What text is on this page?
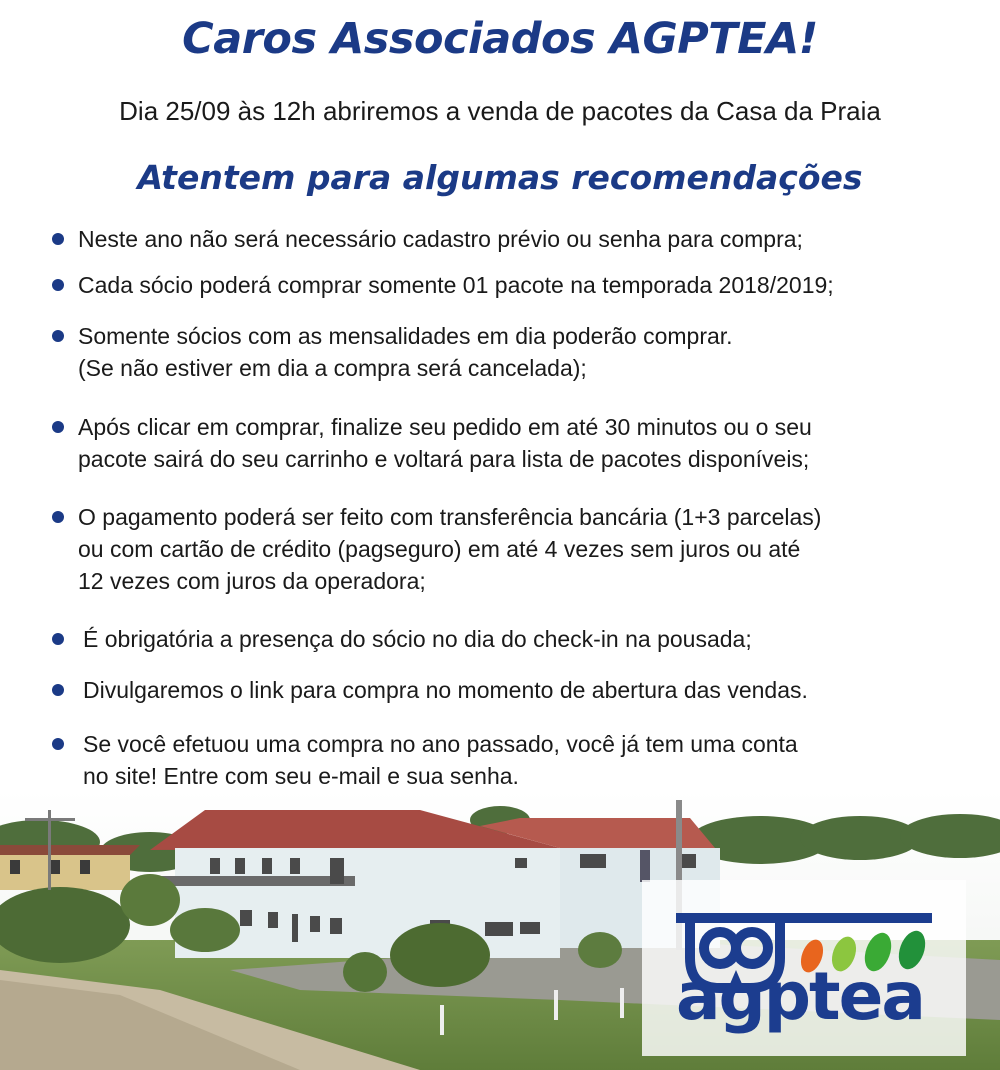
Caros Associados AGPTEA!

Dia 25/09 às 12h abriremos a venda de pacotes da Casa da Praia

Atentem para algumas recomendações
Neste ano não será necessário cadastro prévio ou senha para compra;
Cada sócio poderá comprar somente 01 pacote na temporada 2018/2019;
Somente sócios com as mensalidades em dia poderão comprar.
(Se não estiver em dia a compra será cancelada);
Após clicar em comprar, finalize seu pedido em até 30 minutos ou o seu
pacote sairá do seu carrinho e voltará para lista de pacotes disponíveis;
O pagamento poderá ser feito com transferência bancária (1+3 parcelas)
ou com cartão de crédito (pagseguro) em até 4 vezes sem juros ou até
12 vezes com juros da operadora;
É obrigatória a presença do sócio no dia do check-in na pousada;
Divulgaremos o link para compra no momento de abertura das vendas.
Se você efetuou uma compra no ano passado, você já tem uma conta
no site! Entre com seu e-mail e sua senha.
agptea
